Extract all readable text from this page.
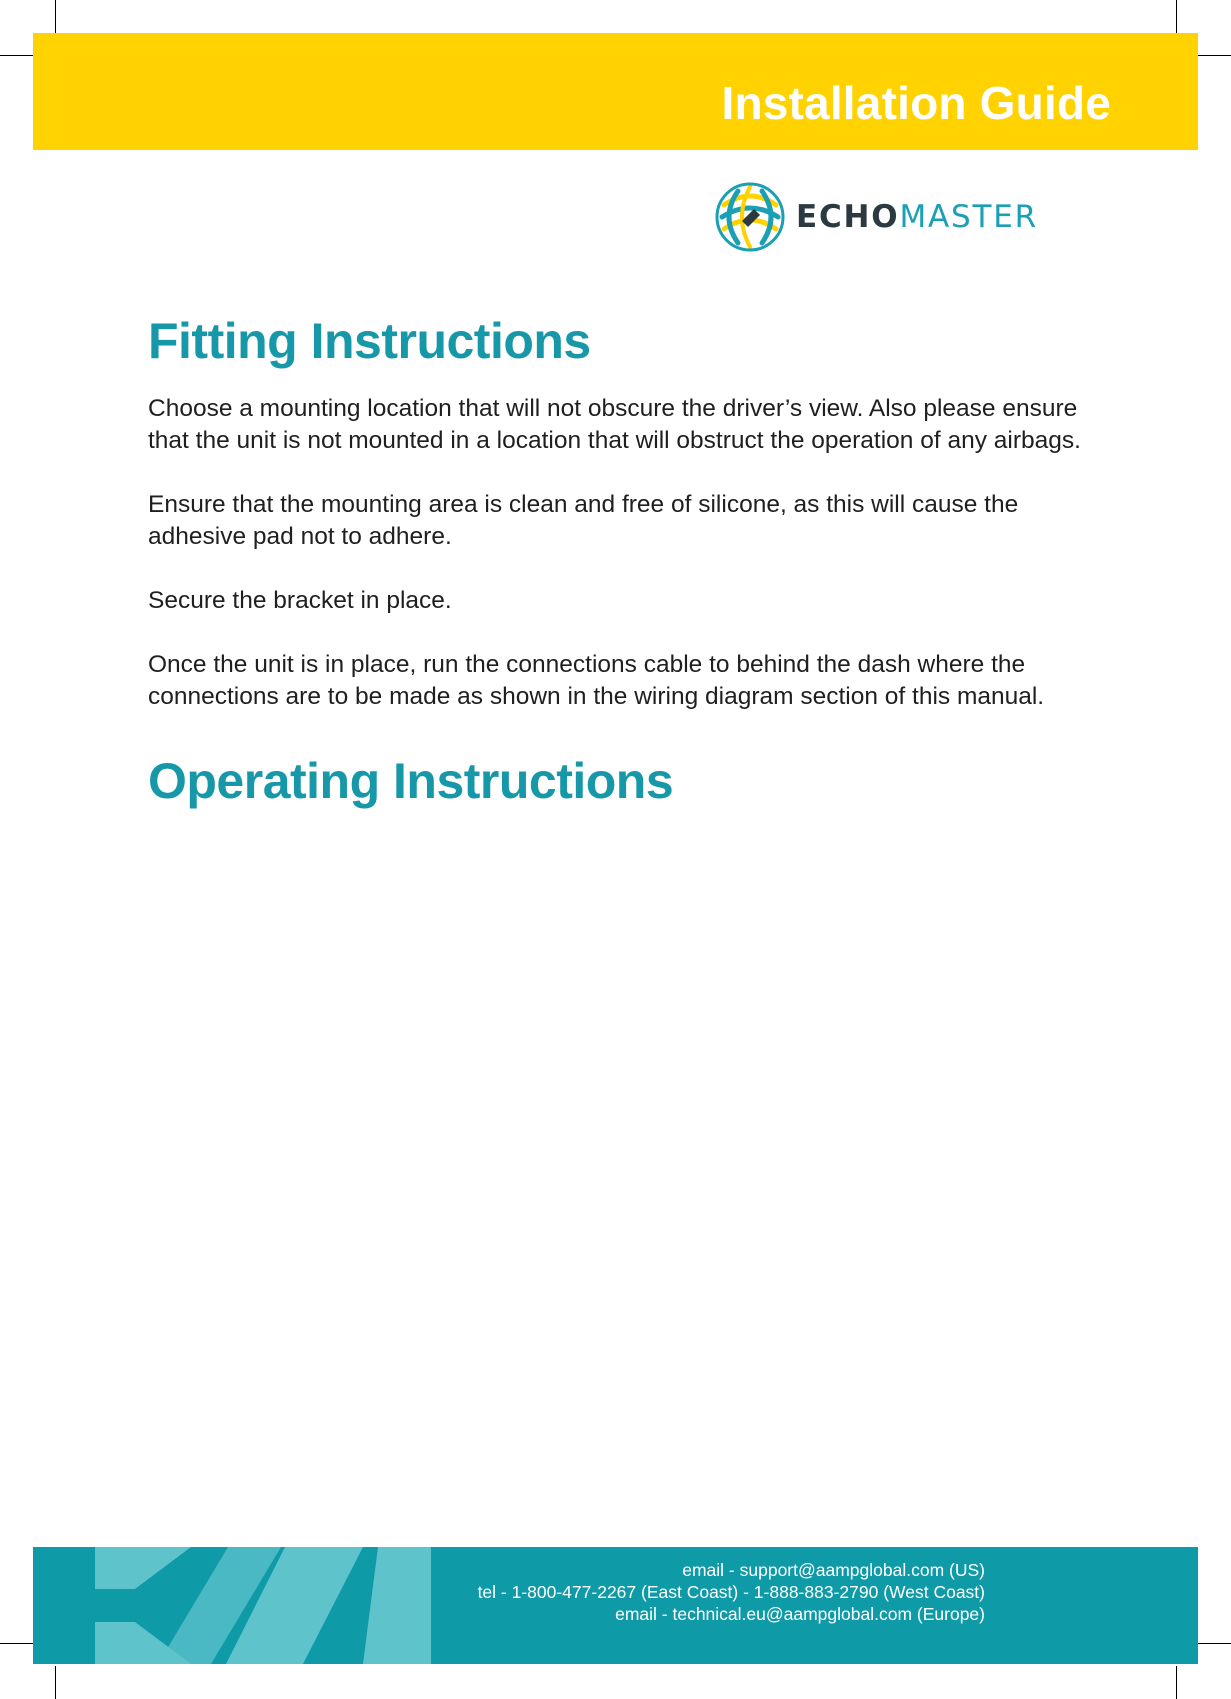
Installation Guide
ECHOMASTER
Fitting Instructions

Choose a mounting location that will not obscure the driver’s view. Also please ensure that the unit is not mounted in a location that will obstruct the operation of any airbags.

Ensure that the mounting area is clean and free of silicone, as this will cause the adhesive pad not to adhere.

Secure the bracket in place.

Once the unit is in place, run the connections cable to behind the dash where the connections are to be made as shown in the wiring diagram section of this manual.

Operating Instructions
email - support@aampglobal.com (US)
tel - 1-800-477-2267 (East Coast) - 1-888-883-2790 (West Coast)
email - technical.eu@aampglobal.com (Europe)
